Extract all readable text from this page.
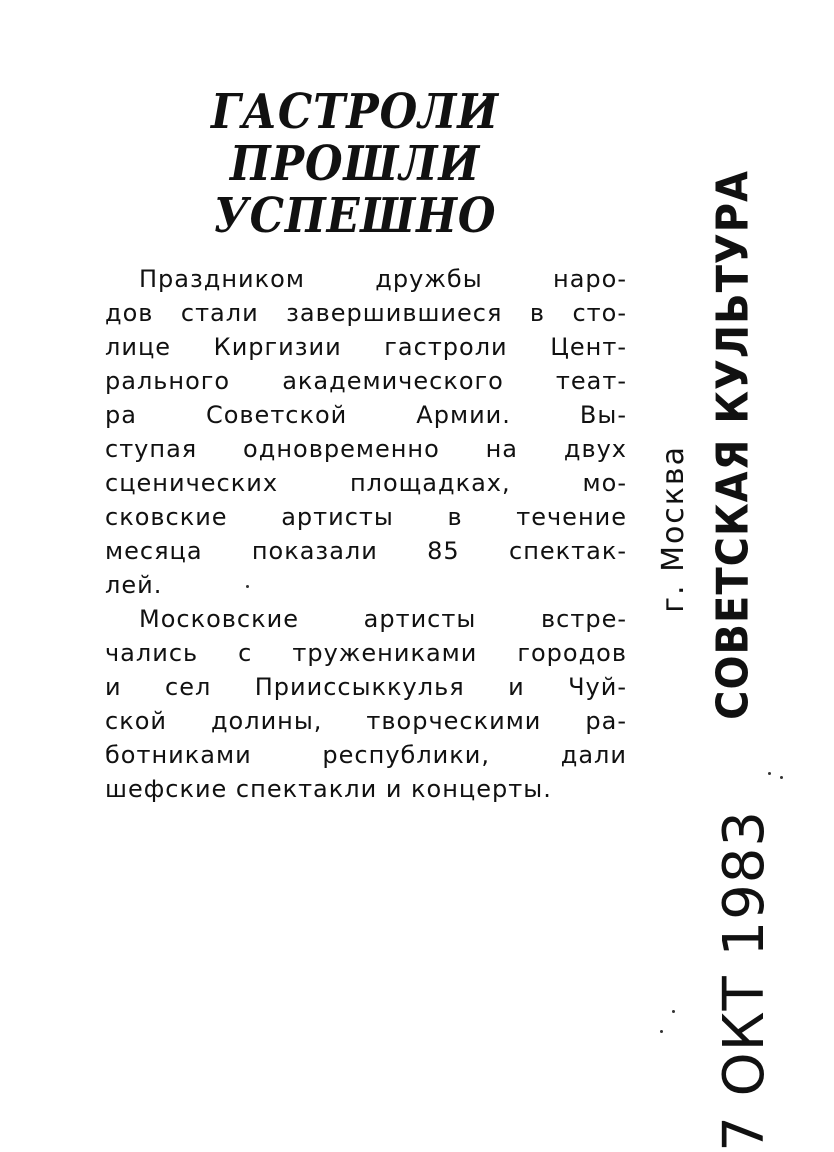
ГАСТРОЛИ
ПРОШЛИ
УСПЕШНО

Праздником дружбы наро-
дов стали завершившиеся в сто-
лице Киргизии гастроли Цент-
рального академического теат-
ра Советской Армии. Вы-
ступая одновременно на двух
сценических площадках, мо-
сковские артисты в течение
месяца показали 85 спектак-
лей.

Московские артисты встре-
чались с тружениками городов
и сел Прииссыккулья и Чуй-
ской долины, творческими ра-
ботниками республики, дали
шефские спектакли и концерты.

СОВЕТСКАЯ КУЛЬТУРА
г. Москва
7 ОКТ 1983
